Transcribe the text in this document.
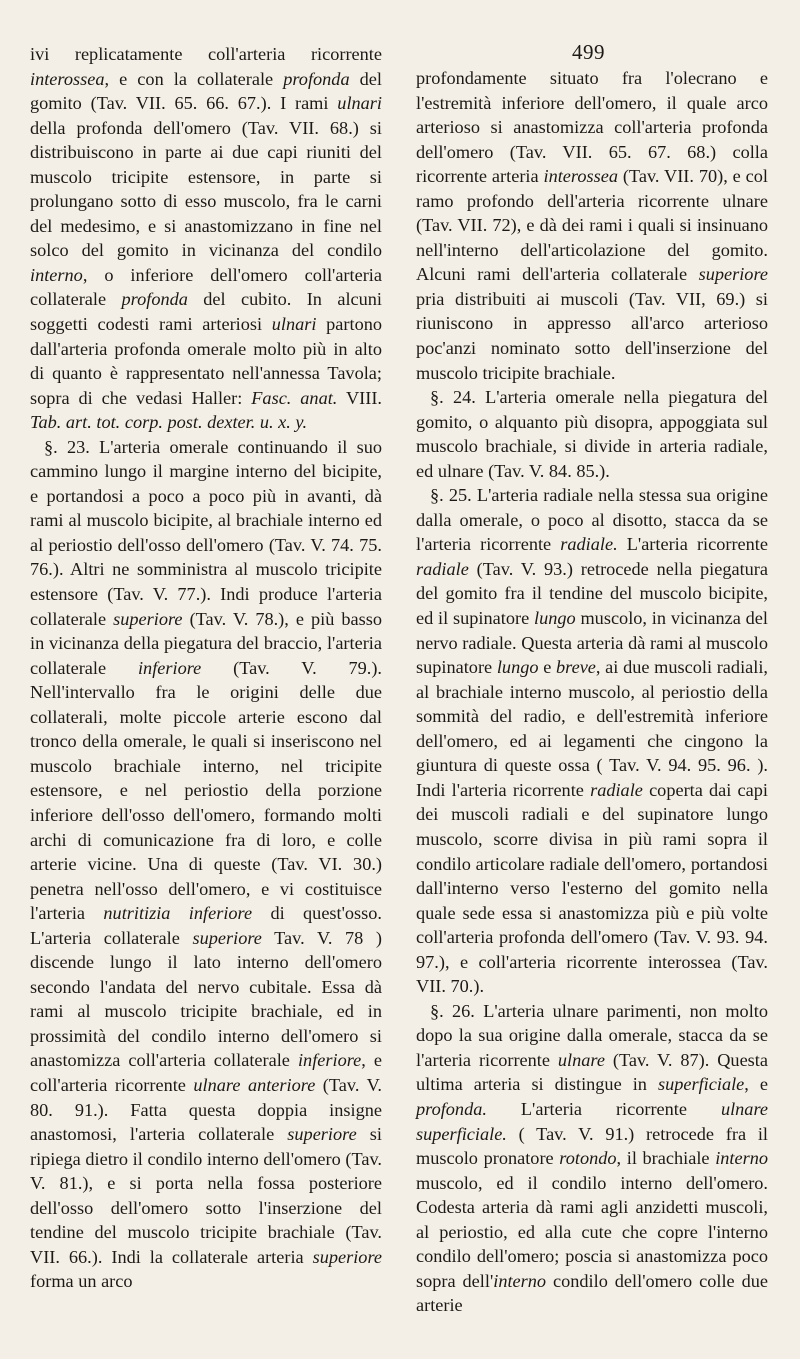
499

ivi replicatamente coll'arteria ricorrente interossea, e con la collaterale profonda del gomito (Tav. VII. 65. 66. 67.). I rami ulnari della profonda dell'omero (Tav. VII. 68.) si distribuiscono in parte ai due capi riuniti del muscolo tricipite estensore, in parte si prolungano sotto di esso muscolo, fra le carni del medesimo, e si anastomizzano in fine nel solco del gomito in vicinanza del condilo interno, o inferiore dell'omero coll'arteria collaterale profonda del cubito. In alcuni soggetti codesti rami arteriosi ulnari partono dall'arteria profonda omerale molto più in alto di quanto è rappresentato nell'annessa Tavola; sopra di che vedasi Haller: Fasc. anat. VIII. Tab. art. tot. corp. post. dexter. u. x. y.

§. 23. L'arteria omerale continuando il suo cammino lungo il margine interno del bicipite, e portandosi a poco a poco più in avanti, dà rami al muscolo bicipite, al brachiale interno ed al periostio dell'osso dell'omero (Tav. V. 74. 75. 76.). Altri ne somministra al muscolo tricipite estensore (Tav. V. 77.). Indi produce l'arteria collaterale superiore (Tav. V. 78.), e più basso in vicinanza della piegatura del braccio, l'arteria collaterale inferiore (Tav. V. 79.). Nell'intervallo fra le origini delle due collaterali, molte piccole arterie escono dal tronco della omerale, le quali si inseriscono nel muscolo brachiale interno, nel tricipite estensore, e nel periostio della porzione inferiore dell'osso dell'omero, formando molti archi di comunicazione fra di loro, e colle arterie vicine. Una di queste (Tav. VI. 30.) penetra nell'osso dell'omero, e vi costituisce l'arteria nutritizia inferiore di quest'osso. L'arteria collaterale superiore Tav. V. 78 ) discende lungo il lato interno dell'omero secondo l'andata del nervo cubitale. Essa dà rami al muscolo tricipite brachiale, ed in prossimità del condilo interno dell'omero si anastomizza coll'arteria collaterale inferiore, e coll'arteria ricorrente ulnare anteriore (Tav. V. 80. 91.). Fatta questa doppia insigne anastomosi, l'arteria collaterale superiore si ripiega dietro il condilo interno dell'omero (Tav. V. 81.), e si porta nella fossa posteriore dell'osso dell'omero sotto l'inserzione del tendine del muscolo tricipite brachiale (Tav. VII. 66.). Indi la collaterale arteria superiore forma un arco

profondamente situato fra l'olecrano e l'estremità inferiore dell'omero, il quale arco arterioso si anastomizza coll'arteria profonda dell'omero (Tav. VII. 65. 67. 68.) colla ricorrente arteria interossea (Tav. VII. 70), e col ramo profondo dell'arteria ricorrente ulnare (Tav. VII. 72), e dà dei rami i quali si insinuano nell'interno dell'articolazione del gomito. Alcuni rami dell'arteria collaterale superiore pria distribuiti ai muscoli (Tav. VII, 69.) si riuniscono in appresso all'arco arterioso poc'anzi nominato sotto dell'inserzione del muscolo tricipite brachiale.

§. 24. L'arteria omerale nella piegatura del gomito, o alquanto più disopra, appoggiata sul muscolo brachiale, si divide in arteria radiale, ed ulnare (Tav. V. 84. 85.).

§. 25. L'arteria radiale nella stessa sua origine dalla omerale, o poco al disotto, stacca da se l'arteria ricorrente radiale. L'arteria ricorrente radiale (Tav. V. 93.) retrocede nella piegatura del gomito fra il tendine del muscolo bicipite, ed il supinatore lungo muscolo, in vicinanza del nervo radiale. Questa arteria dà rami al muscolo supinatore lungo e breve, ai due muscoli radiali, al brachiale interno muscolo, al periostio della sommità del radio, e dell'estremità inferiore dell'omero, ed ai legamenti che cingono la giuntura di queste ossa ( Tav. V. 94. 95. 96. ). Indi l'arteria ricorrente radiale coperta dai capi dei muscoli radiali e del supinatore lungo muscolo, scorre divisa in più rami sopra il condilo articolare radiale dell'omero, portandosi dall'interno verso l'esterno del gomito nella quale sede essa si anastomizza più e più volte coll'arteria profonda dell'omero (Tav. V. 93. 94. 97.), e coll'arteria ricorrente interossea (Tav. VII. 70.).

§. 26. L'arteria ulnare parimenti, non molto dopo la sua origine dalla omerale, stacca da se l'arteria ricorrente ulnare (Tav. V. 87). Questa ultima arteria si distingue in superficiale, e profonda. L'arteria ricorrente ulnare superficiale. ( Tav. V. 91.) retrocede fra il muscolo pronatore rotondo, il brachiale interno muscolo, ed il condilo interno dell'omero. Codesta arteria dà rami agli anzidetti muscoli, al periostio, ed alla cute che copre l'interno condilo dell'omero; poscia si anastomizza poco sopra dell'interno condilo dell'omero colle due arterie
